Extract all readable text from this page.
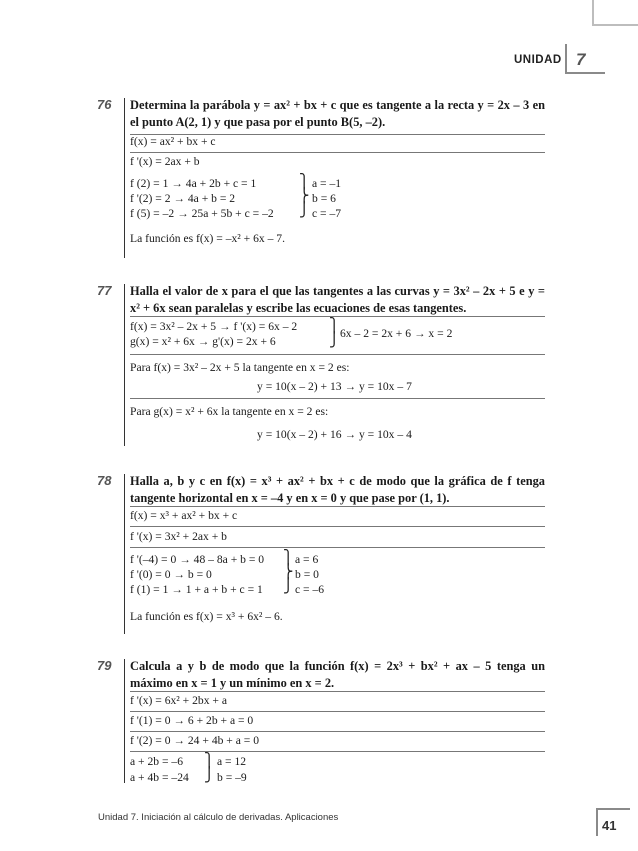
UNIDAD 7
76	Determina la parábola y = ax² + bx + c que es tangente a la recta y = 2x – 3 en el punto A(2, 1) y que pasa por el punto B(5, –2).
f(x) = ax² + bx + c
f '(x) = 2ax + b
f (2) = 1 → 4a + 2b + c = 1
f '(2) = 2 → 4a + b = 2
f (5) = –2 → 25a + 5b + c = –2
⎫
⎬
⎭
a = –1
b = 6
c = –7
La función es f(x) = –x² + 6x – 7.
77	Halla el valor de x para el que las tangentes a las curvas y = 3x² – 2x + 5 e y = x² + 6x sean paralelas y escribe las ecuaciones de esas tangentes.
f(x) = 3x² – 2x + 5 → f '(x) = 6x – 2
g(x) = x² + 6x → g'(x) = 2x + 6
⎫
⎭ 6x – 2 = 2x + 6 → x = 2
Para f(x) = 3x² – 2x + 5 la tangente en x = 2 es:
y = 10(x – 2) + 13 → y = 10x – 7
Para g(x) = x² + 6x la tangente en x = 2 es:
y = 10(x – 2) + 16 → y = 10x – 4
78	Halla a, b y c en f(x) = x³ + ax² + bx + c de modo que la gráfica de f tenga tangente horizontal en x = –4 y en x = 0 y que pase por (1, 1).
f(x) = x³ + ax² + bx + c
f '(x) = 3x² + 2ax + b
f '(–4) = 0 → 48 – 8a + b = 0
f '(0) = 0 → b = 0
f (1) = 1 → 1 + a + b + c = 1
⎫
⎬
⎭
a = 6
b = 0
c = –6
La función es f(x) = x³ + 6x² – 6.
79	Calcula a y b de modo que la función f(x) = 2x³ + bx² + ax – 5 tenga un máximo en x = 1 y un mínimo en x = 2.
f '(x) = 6x² + 2bx + a
f '(1) = 0 → 6 + 2b + a = 0
f '(2) = 0 → 24 + 4b + a = 0
a + 2b = –6
a + 4b = –24
⎫
⎭
a = 12
b = –9
Unidad 7. Iniciación al cálculo de derivadas. Aplicaciones
41
